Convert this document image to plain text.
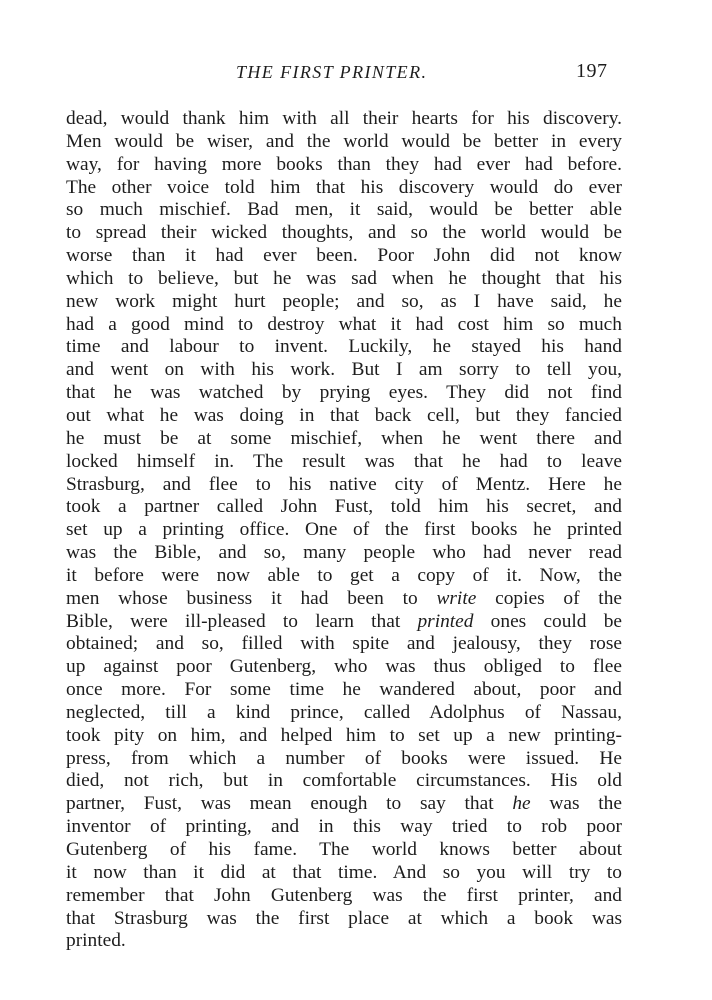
THE FIRST PRINTER.	197
dead, would thank him with all their hearts for his discovery.
Men would be wiser, and the world would be better in every
way, for having more books than they had ever had before.
The other voice told him that his discovery would do ever
so much mischief. Bad men, it said, would be better able
to spread their wicked thoughts, and so the world would be
worse than it had ever been. Poor John did not know
which to believe, but he was sad when he thought that his
new work might hurt people; and so, as I have said, he
had a good mind to destroy what it had cost him so much
time and labour to invent. Luckily, he stayed his hand
and went on with his work. But I am sorry to tell you,
that he was watched by prying eyes. They did not find
out what he was doing in that back cell, but they fancied
he must be at some mischief, when he went there and
locked himself in. The result was that he had to leave
Strasburg, and flee to his native city of Mentz. Here he
took a partner called John Fust, told him his secret, and
set up a printing office. One of the first books he printed
was the Bible, and so, many people who had never read
it before were now able to get a copy of it. Now, the
men whose business it had been to write copies of the
Bible, were ill-pleased to learn that printed ones could be
obtained; and so, filled with spite and jealousy, they rose
up against poor Gutenberg, who was thus obliged to flee
once more. For some time he wandered about, poor and
neglected, till a kind prince, called Adolphus of Nassau,
took pity on him, and helped him to set up a new printing-
press, from which a number of books were issued. He
died, not rich, but in comfortable circumstances. His old
partner, Fust, was mean enough to say that he was the
inventor of printing, and in this way tried to rob poor
Gutenberg of his fame. The world knows better about
it now than it did at that time. And so you will try to
remember that John Gutenberg was the first printer, and
that Strasburg was the first place at which a book was
printed.
